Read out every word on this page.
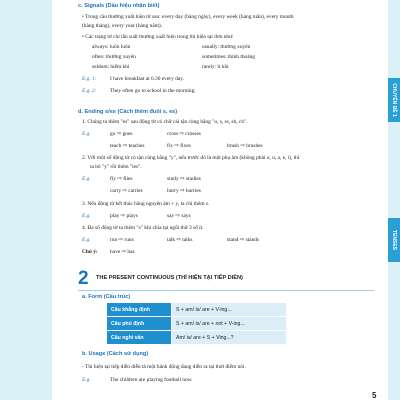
c. Signals (Dấu hiệu nhận biết)
• Trong câu thường xuất hiện từ sau: every day (hàng ngày), every week (hàng tuần), every month
(hàng tháng), every year (hàng năm).
• Các trạng từ chỉ tần suất thường xuất hiện trong thì hiện tại đơn như:
always: luôn luôn	usually: thường xuyên
often: thường xuyên	sometimes: thỉnh thoảng
seldom: hiếm khi	rarely: ít khi
E.g. 1: I have breakfast at 6.30 every day.
E.g. 2: They often go to school in the morning.
d. Ending s/es (Cách thêm đuôi s, es)
1. Chúng ta thêm "es" sau động từ có chữ cái tận cùng bằng "o, s, ss, sh, ch".
E.g.	go ⇨ goes	cross ⇨ crosses
teach ⇨ teaches	fix ⇨ fixes	brush ⇨ brushes
2. Với một số động từ có tận cùng bằng "y", nếu trước đó là một phụ âm (không phải o, u, a, e, i), thì
ta bỏ "y" rồi thêm "ies".
E.g.	fly ⇨ flies	study ⇨ studies
carry ⇨ carries	hurry ⇨ hurries
3. Nếu động từ kết thúc bằng nguyên âm + y, ta chỉ thêm s.
E.g.	play ⇨ plays	say ⇨ says
4. Đa số động từ ta thêm "s" khi chia tại ngôi thứ 3 số ít.
E.g.	run ⇨ runs	talk ⇨ talks	stand ⇨ stands
Chú ý: have ⇨ has
CHUYÊN ĐỀ 1
TENSES
2 THE PRESENT CONTINUOUS (THÌ HIỆN TẠI TIẾP DIỄN)
a. Form (Cấu trúc)
Câu khẳng định	S + am/ is/ are + V-ing...
Câu phủ định	S + am/ is/ are + not + V-ing...
Câu nghi vấn	Am/ is/ are + S + Ving...?
b. Usage (Cách sử dụng)
- Thì hiện tại tiếp diễn diễn tả một hành động đang diễn ra tại thời điểm nói.
E.g.	The children are playing football now.
5
